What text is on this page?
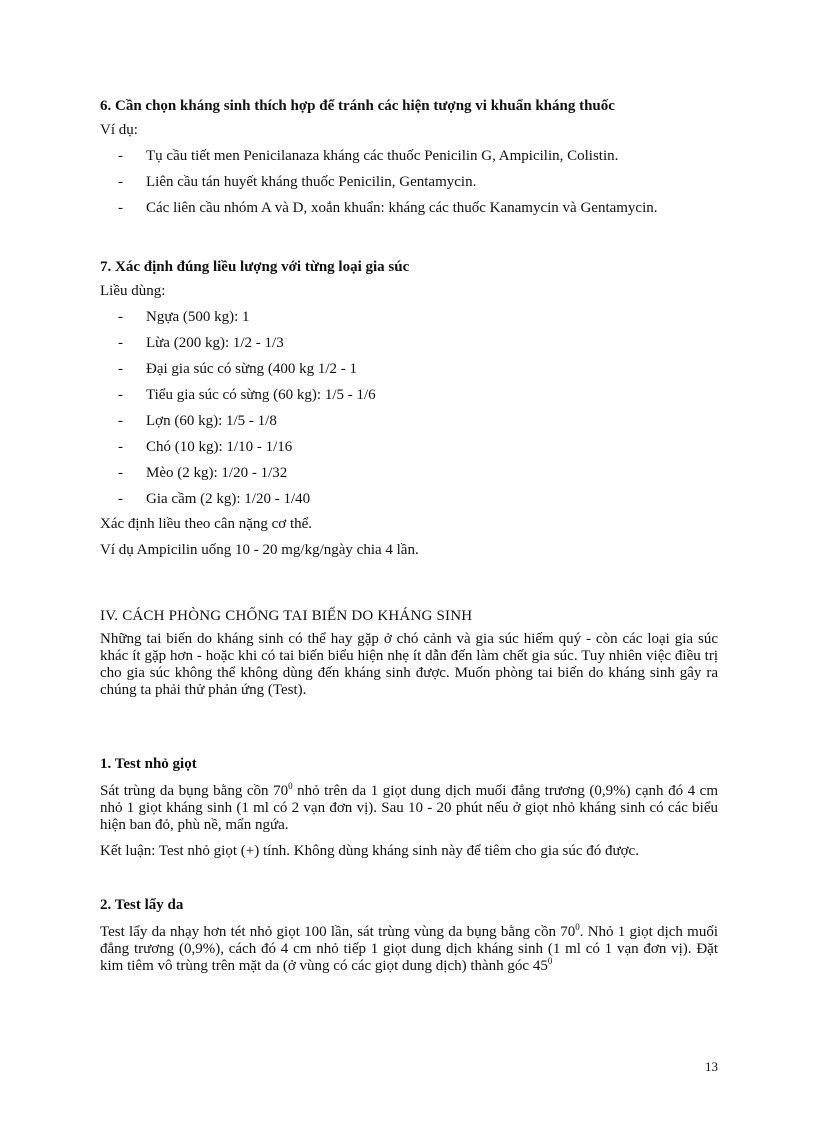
6. Cần chọn kháng sinh thích hợp để tránh các hiện tượng vi khuẩn kháng thuốc

Ví dụ:

- Tụ cầu tiết men Penicilanaza kháng các thuốc Penicilin G, Ampicilin, Colistin.
- Liên cầu tán huyết kháng thuốc Penicilin, Gentamycin.
- Các liên cầu nhóm A và D, xoắn khuẩn: kháng các thuốc Kanamycin và Gentamycin.

7. Xác định đúng liều lượng với từng loại gia súc

Liều dùng:

- Ngựa (500 kg): 1
- Lừa (200 kg): 1/2 - 1/3
- Đại gia súc có sừng (400 kg 1/2 - 1
- Tiểu gia súc có sừng (60 kg): 1/5 - 1/6
- Lợn (60 kg): 1/5 - 1/8
- Chó (10 kg): 1/10 - 1/16
- Mèo (2 kg): 1/20 - 1/32
- Gia cầm (2 kg): 1/20 - 1/40

Xác định liều theo cân nặng cơ thể.

Ví dụ Ampicilin uống 10 - 20 mg/kg/ngày chia 4 lần.

IV. CÁCH PHÒNG CHỐNG TAI BIẾN DO KHÁNG SINH

Những tai biến do kháng sinh có thể hay gặp ở chó cảnh và gia súc hiếm quý - còn các loại gia súc khác ít gặp hơn - hoặc khi có tai biến biểu hiện nhẹ ít dẫn đến làm chết gia súc. Tuy nhiên việc điều trị cho gia súc không thể không dùng đến kháng sinh được. Muốn phòng tai biến do kháng sinh gây ra chúng ta phải thử phản ứng (Test).

1. Test nhỏ giọt

Sát trùng da bụng bằng cồn $70^0$ nhỏ trên da 1 giọt dung dịch muối đẳng trương (0,9%) cạnh đó 4 cm nhỏ 1 giọt kháng sinh (1 ml có 2 vạn đơn vị). Sau 10 - 20 phút nếu ở giọt nhỏ kháng sinh có các biểu hiện ban đỏ, phù nề, mẩn ngứa.

Kết luận: Test nhỏ giọt (+) tính. Không dùng kháng sinh này để tiêm cho gia súc đó được.

2. Test lẩy da

Test lẩy da nhạy hơn tét nhỏ giọt 100 lần, sát trùng vùng da bụng bằng cồn $70^0$. Nhỏ 1 giọt dịch muối đẳng trương (0,9%), cách đó 4 cm nhỏ tiếp 1 giọt dung dịch kháng sinh (1 ml có 1 vạn đơn vị). Đặt kim tiêm vô trùng trên mặt da (ở vùng có các giọt dung dịch) thành góc $45^0$

13
